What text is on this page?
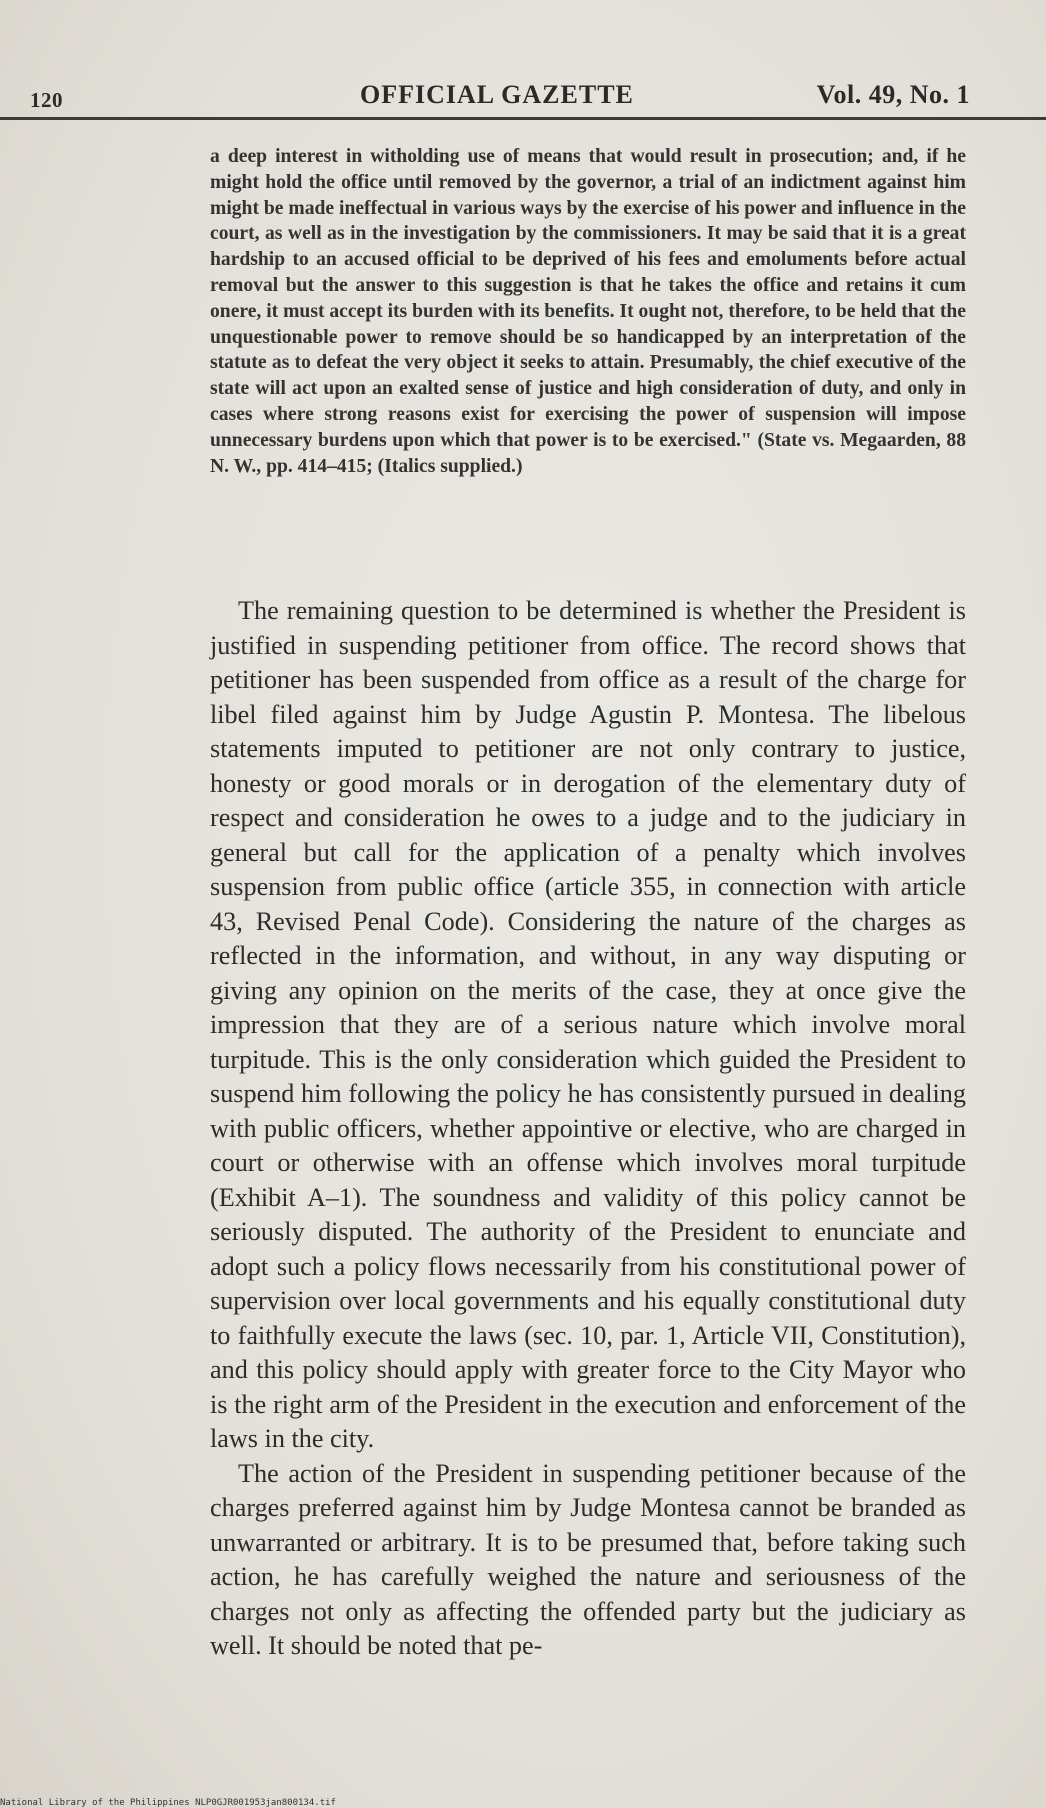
120	OFFICIAL GAZETTE	Vol. 49, No. 1
a deep interest in witholding use of means that would result in prosecution; and, if he might hold the office until removed by the governor, a trial of an indictment against him might be made ineffectual in various ways by the exercise of his power and influence in the court, as well as in the investigation by the commissioners. It may be said that it is a great hardship to an accused official to be deprived of his fees and emoluments before actual removal but the answer to this suggestion is that he takes the office and retains it cum onere, it must accept its burden with its benefits. It ought not, therefore, to be held that the unquestionable power to remove should be so handicapped by an interpretation of the statute as to defeat the very object it seeks to attain. Presumably, the chief executive of the state will act upon an exalted sense of justice and high consideration of duty, and only in cases where strong reasons exist for exercising the power of suspension will impose unnecessary burdens upon which that power is to be exercised." (State vs. Megaarden, 88 N. W., pp. 414–415; (Italics supplied.)

The remaining question to be determined is whether the President is justified in suspending petitioner from office. The record shows that petitioner has been suspended from office as a result of the charge for libel filed against him by Judge Agustin P. Montesa. The libelous statements imputed to petitioner are not only contrary to justice, honesty or good morals or in derogation of the elementary duty of respect and consideration he owes to a judge and to the judiciary in general but call for the application of a penalty which involves suspension from public office (article 355, in connection with article 43, Revised Penal Code). Considering the nature of the charges as reflected in the information, and without, in any way disputing or giving any opinion on the merits of the case, they at once give the impression that they are of a serious nature which involve moral turpitude. This is the only consideration which guided the President to suspend him following the policy he has consistently pursued in dealing with public officers, whether appointive or elective, who are charged in court or otherwise with an offense which involves moral turpitude (Exhibit A–1). The soundness and validity of this policy cannot be seriously disputed. The authority of the President to enunciate and adopt such a policy flows necessarily from his constitutional power of supervision over local governments and his equally constitutional duty to faithfully execute the laws (sec. 10, par. 1, Article VII, Constitution), and this policy should apply with greater force to the City Mayor who is the right arm of the President in the execution and enforcement of the laws in the city.

The action of the President in suspending petitioner because of the charges preferred against him by Judge Montesa cannot be branded as unwarranted or arbitrary. It is to be presumed that, before taking such action, he has carefully weighed the nature and seriousness of the charges not only as affecting the offended party but the judiciary as well. It should be noted that pe-

National Library of the Philippines NLP0GJR001953jan800134.tif
